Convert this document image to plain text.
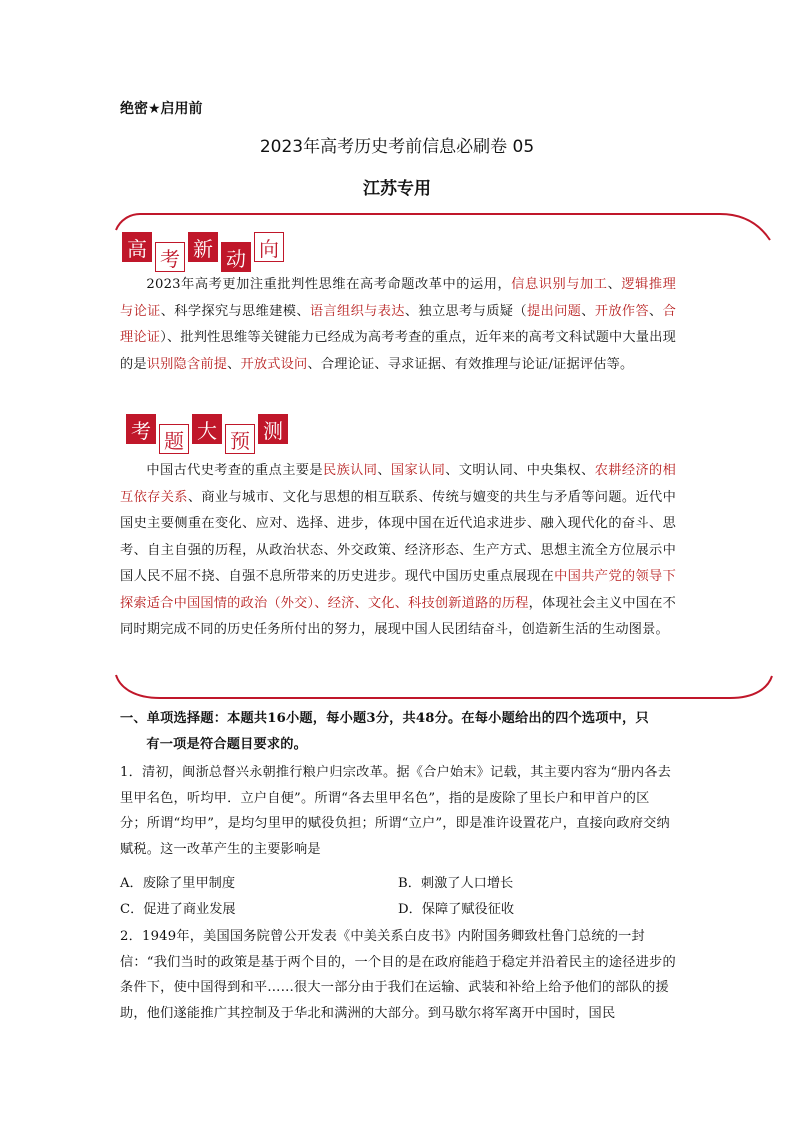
绝密★启用前
2023年高考历史考前信息必刷卷 05
江苏专用
高 考 新 动 向
2023年高考更加注重批判性思维在高考命题改革中的运用，信息识别与加工、逻辑推理与论证、科学探究与思维建模、语言组织与表达、独立思考与质疑（提出问题、开放作答、合理论证）、批判性思维等关键能力已经成为高考考查的重点，近年来的高考文科试题中大量出现的是识别隐含前提、开放式设问、合理论证、寻求证据、有效推理与论证/证据评估等。
考 题 大 预 测
中国古代史考查的重点主要是民族认同、国家认同、文明认同、中央集权、农耕经济的相互依存关系、商业与城市、文化与思想的相互联系、传统与嬗变的共生与矛盾等问题。近代中国史主要侧重在变化、应对、选择、进步，体现中国在近代追求进步、融入现代化的奋斗、思考、自主自强的历程，从政治状态、外交政策、经济形态、生产方式、思想主流全方位展示中国人民不屈不挠、自强不息所带来的历史进步。现代中国历史重点展现在中国共产党的领导下探索适合中国国情的政治（外交）、经济、文化、科技创新道路的历程，体现社会主义中国在不同时期完成不同的历史任务所付出的努力，展现中国人民团结奋斗，创造新生活的生动图景。
一、单项选择题：本题共16小题，每小题3分，共48分。在每小题给出的四个选项中，只
有一项是符合题目要求的。
1．清初，闽浙总督兴永朝推行粮户归宗改革。据《合户始末》记载，其主要内容为“册内各去里甲名色，听均甲．立户自便”。所谓“各去里甲名色”，指的是废除了里长户和甲首户的区分；所谓“均甲”，是均匀里甲的赋役负担；所谓“立户”，即是准许设置花户，直接向政府交纳赋税。这一改革产生的主要影响是
A．废除了里甲制度	B．刺激了人口增长
C．促进了商业发展	D．保障了赋役征收
2．1949年，美国国务院曾公开发表《中美关系白皮书》内附国务卿致杜鲁门总统的一封信：“我们当时的政策是基于两个目的，一个目的是在政府能趋于稳定并沿着民主的途径进步的条件下，使中国得到和平……很大一部分由于我们在运输、武装和补给上给予他们的部队的援助，他们遂能推广其控制及于华北和满洲的大部分。到马歇尔将军离开中国时，国民
